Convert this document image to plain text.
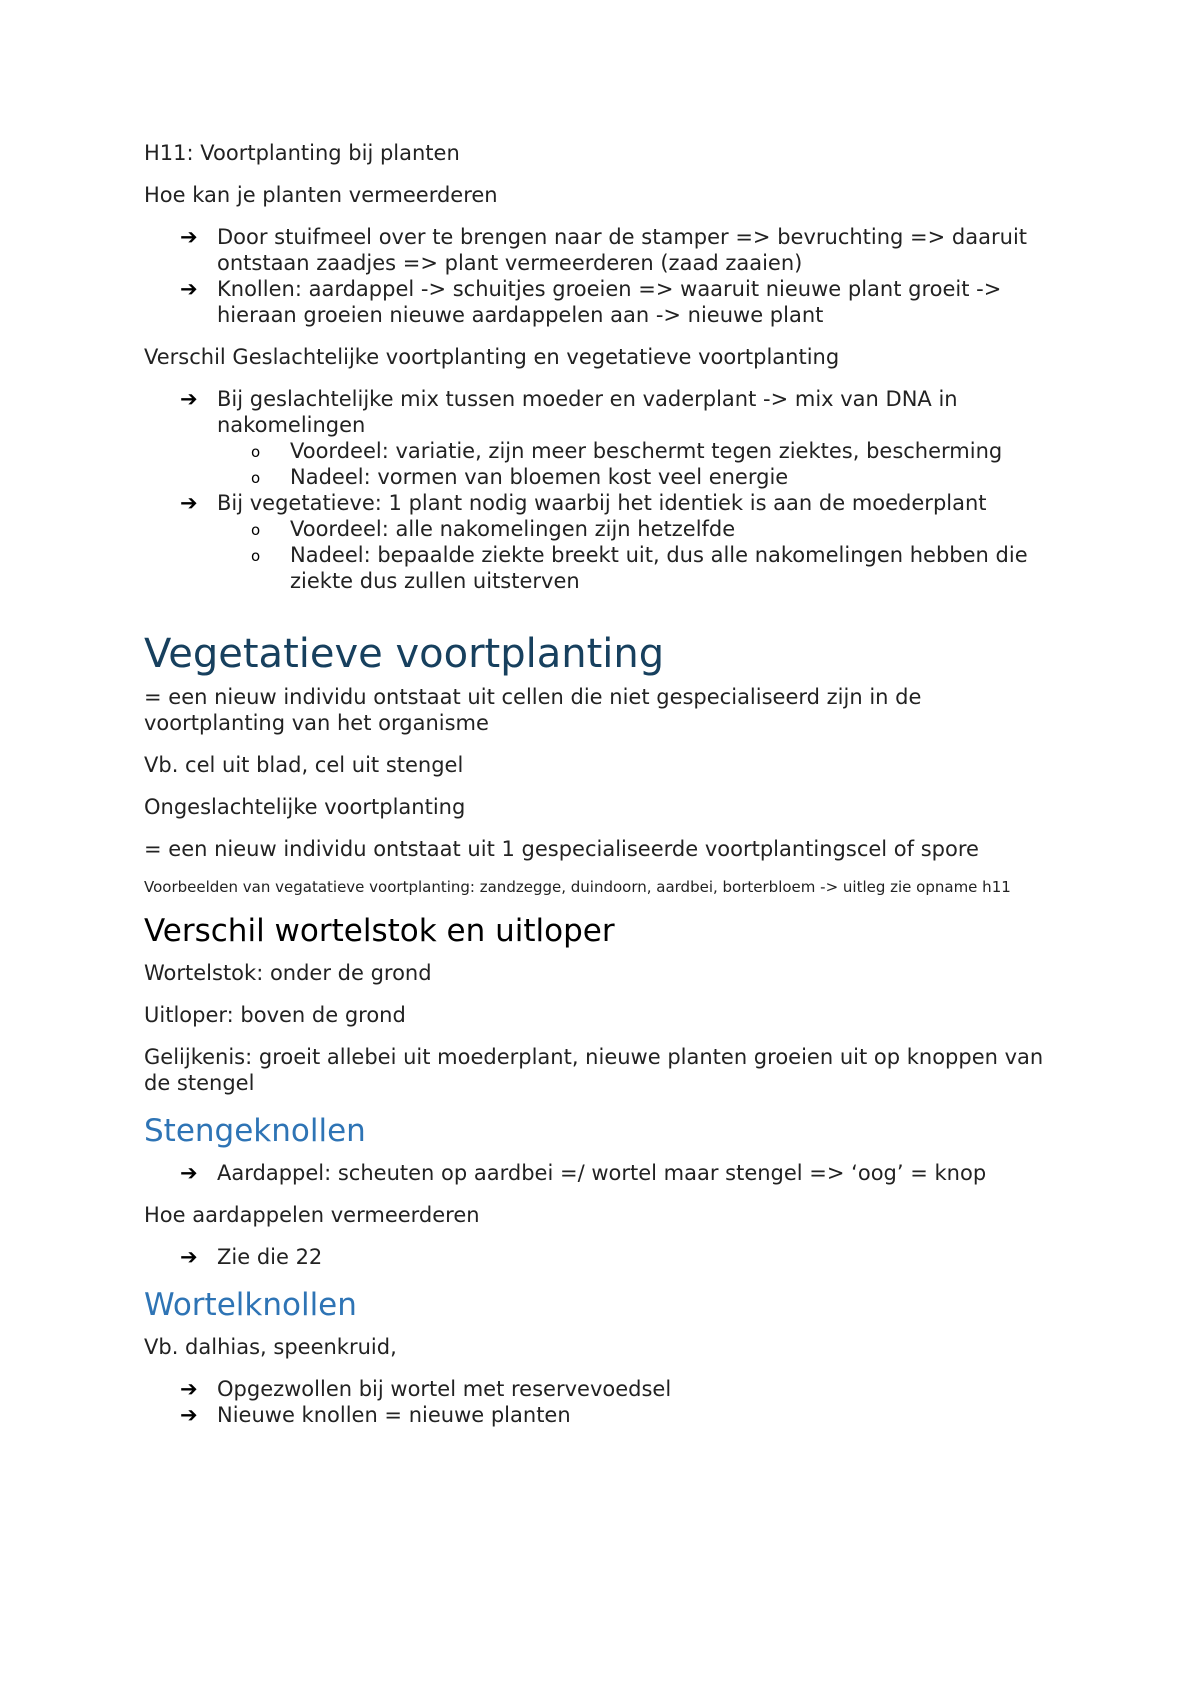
H11: Voortplanting bij planten

Hoe kan je planten vermeerderen

➔ Door stuifmeel over te brengen naar de stamper => bevruchting => daaruit ontstaan zaadjes => plant vermeerderen (zaad zaaien)
➔ Knollen: aardappel -> schuitjes groeien => waaruit nieuwe plant groeit -> hieraan groeien nieuwe aardappelen aan -> nieuwe plant

Verschil Geslachtelijke voortplanting en vegetatieve voortplanting

➔ Bij geslachtelijke mix tussen moeder en vaderplant -> mix van DNA in nakomelingen
o Voordeel: variatie, zijn meer beschermt tegen ziektes, bescherming
o Nadeel: vormen van bloemen kost veel energie
➔ Bij vegetatieve: 1 plant nodig waarbij het identiek is aan de moederplant
o Voordeel: alle nakomelingen zijn hetzelfde
o Nadeel: bepaalde ziekte breekt uit, dus alle nakomelingen hebben die ziekte dus zullen uitsterven
Vegetatieve voortplanting

= een nieuw individu ontstaat uit cellen die niet gespecialiseerd zijn in de voortplanting van het organisme

Vb. cel uit blad, cel uit stengel

Ongeslachtelijke voortplanting

= een nieuw individu ontstaat uit 1 gespecialiseerde voortplantingscel of spore

Voorbeelden van vegatatieve voortplanting: zandzegge, duindoorn, aardbei, borterbloem -> uitleg zie opname h11

Verschil wortelstok en uitloper

Wortelstok: onder de grond

Uitloper: boven de grond

Gelijkenis: groeit allebei uit moederplant, nieuwe planten groeien uit op knoppen van de stengel

Stengeknollen
➔ Aardappel: scheuten op aardbei =/ wortel maar stengel => ‘oog’ = knop

Hoe aardappelen vermeerderen

➔ Zie die 22
Wortelknollen

Vb. dalhias, speenkruid,

➔ Opgezwollen bij wortel met reservevoedsel
➔ Nieuwe knollen = nieuwe planten
